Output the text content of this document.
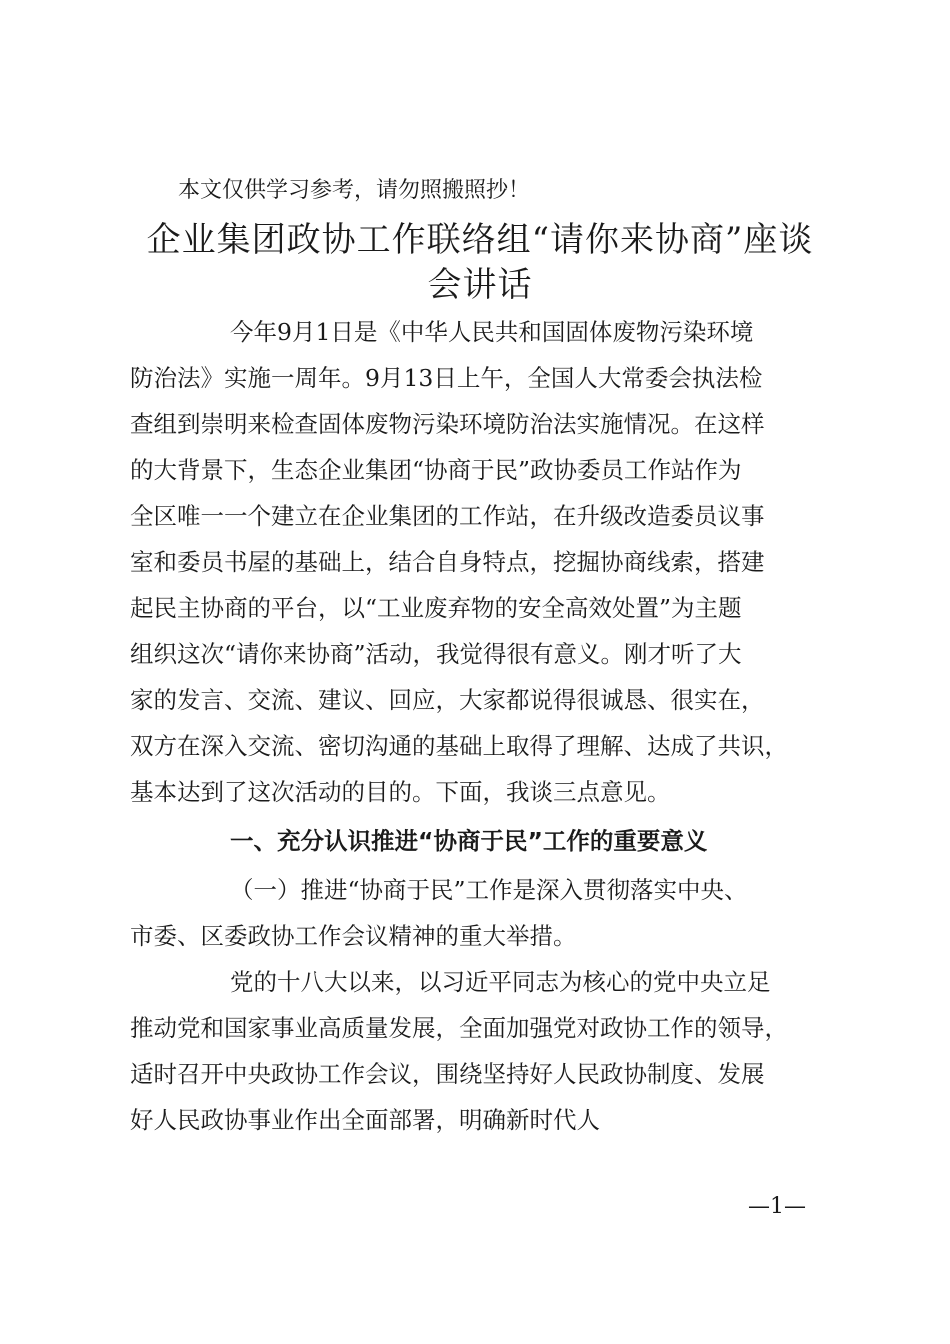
本文仅供学习参考，请勿照搬照抄！
企业集团政协工作联络组“请你来协商”座谈
会讲话
今年9月1日是《中华人民共和国固体废物污染环境
防治法》实施一周年。9月13日上午，全国人大常委会执法检
查组到崇明来检查固体废物污染环境防治法实施情况。在这样
的大背景下，生态企业集团“协商于民”政协委员工作站作为
全区唯一一个建立在企业集团的工作站，在升级改造委员议事
室和委员书屋的基础上，结合自身特点，挖掘协商线索，搭建
起民主协商的平台，以“工业废弃物的安全高效处置”为主题
组织这次“请你来协商”活动，我觉得很有意义。刚才听了大
家的发言、交流、建议、回应，大家都说得很诚恳、很实在，
双方在深入交流、密切沟通的基础上取得了理解、达成了共识，
基本达到了这次活动的目的。下面，我谈三点意见。
一、充分认识推进“协商于民”工作的重要意义
（一）推进“协商于民”工作是深入贯彻落实中央、
市委、区委政协工作会议精神的重大举措。
党的十八大以来，以习近平同志为核心的党中央立足
推动党和国家事业高质量发展，全面加强党对政协工作的领导，
适时召开中央政协工作会议，围绕坚持好人民政协制度、发展
好人民政协事业作出全面部署，明确新时代人
—1—
